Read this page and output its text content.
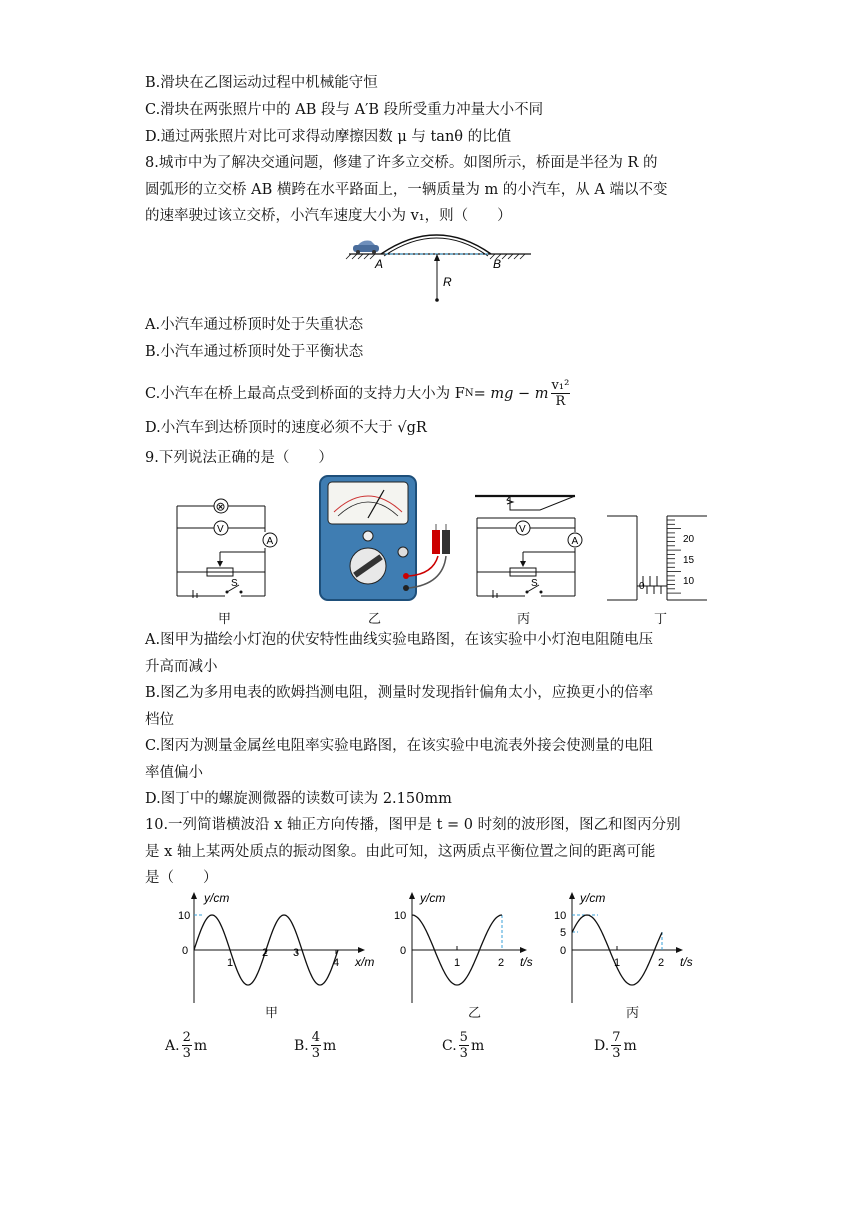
B.滑块在乙图运动过程中机械能守恒
C.滑块在两张照片中的 AB 段与 A′B 段所受重力冲量大小不同
D.通过两张照片对比可求得动摩擦因数 μ 与 tanθ 的比值
8.城市中为了解决交通问题，修建了许多立交桥。如图所示，桥面是半径为 R 的
圆弧形的立交桥 AB 横跨在水平路面上，一辆质量为 m 的小汽车，从 A 端以不变
的速率驶过该立交桥，小汽车速度大小为 v₁，则（　　）
A	B
R
A.小汽车通过桥顶时处于失重状态
B.小汽车通过桥顶时处于平衡状态
C.小汽车在桥上最高点受到桥面的支持力大小为 F N = mg − m $\frac{\text{v₁²}}{R}$
D.小汽车到达桥顶时的速度必须不大于 √gR
9.下列说法正确的是（　　）
⊗
V
A
S
甲	乙
V
A
S
丙
0
20
15
10
丁
A.图甲为描绘小灯泡的伏安特性曲线实验电路图，在该实验中小灯泡电阻随电压
升高而减小
B.图乙为多用电表的欧姆挡测电阻，测量时发现指针偏角太小，应换更小的倍率
档位
C.图丙为测量金属丝电阻率实验电路图，在该实验中电流表外接会使测量的电阻
率值偏小
D.图丁中的螺旋测微器的读数可读为 2.150mm
10.一列简谐横波沿 x 轴正方向传播，图甲是 t = 0 时刻的波形图，图乙和图丙分别
是 x 轴上某两处质点的振动图象。由此可知，这两质点平衡位置之间的距离可能
是（　　）
y/cm
10
0
1
2 3
4 x/m
甲
y/cm
10
0
1	2 t/s
乙
y/cm
10
5
0
1	2 t/s
丙
A. $\frac{2}{3}$ m	B. $\frac{4}{3}$ m	C. $\frac{5}{3}$ m	D. $\frac{7}{3}$ m
